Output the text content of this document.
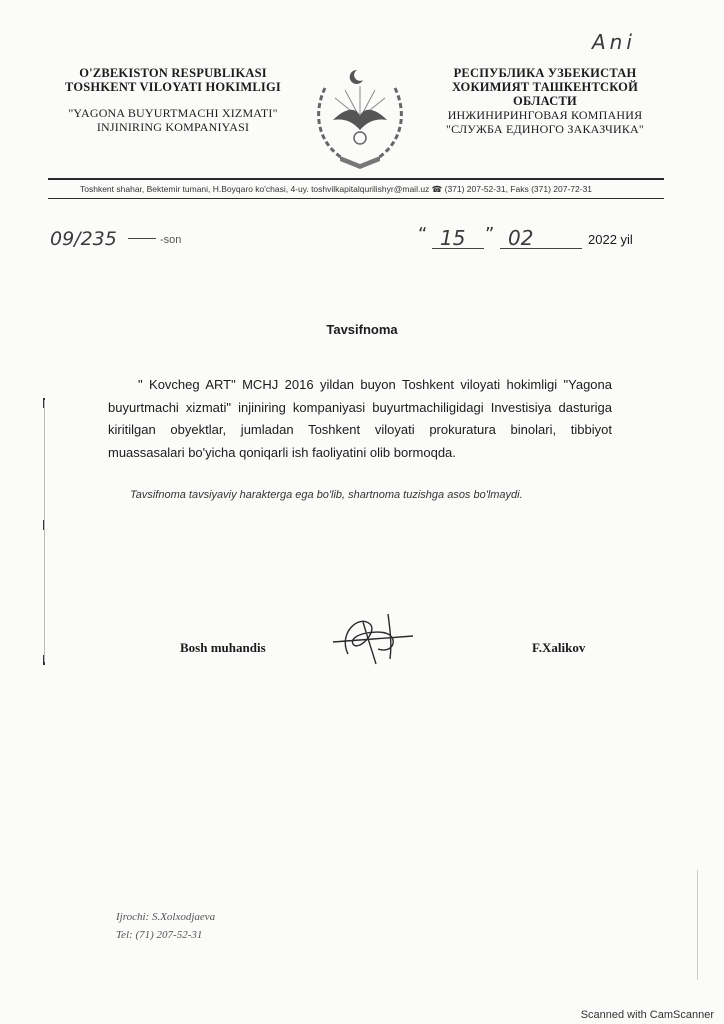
Ani
O'ZBEKISTON RESPUBLIKASI
TOSHKENT VILOYATI HOKIMLIGI
"YAGONA BUYURTMACHI XIZMATI"
INJINIRING KOMPANIYASI
РЕСПУБЛИКА УЗБЕКИСТАН
ХОКИМИЯТ ТАШКЕНТСКОЙ
ОБЛАСТИ
ИНЖИНИРИНГОВАЯ КОМПАНИЯ
"СЛУЖБА ЕДИНОГО ЗАКАЗЧИКА"
Toshkent shahar, Bektemir tumani, H.Boyqaro ko'chasi, 4-uy. toshvilkapitalqurilishyr@mail.uz ☎ (371) 207-52-31, Faks (371) 207-72-31
09/235	-son	“ 15 ” 02	2022 yil
Tavsifnoma
" Kovcheg ART" MCHJ 2016 yildan buyon Toshkent viloyati hokimligi "Yagona buyurtmachi xizmati" injiniring kompaniyasi buyurtmachiligidagi Investisiya dasturiga kiritilgan obyektlar, jumladan Toshkent viloyati prokuratura binolari, tibbiyot muassasalari bo'yicha qoniqarli ish faoliyatini olib bormoqda.
Tavsifnoma tavsiyaviy harakterga ega bo'lib, shartnoma tuzishga asos bo'lmaydi.
Bosh muhandis	F.Xalikov
Ijrochi: S.Xolxodjaeva
Tel: (71) 207-52-31
Scanned with CamScanner
